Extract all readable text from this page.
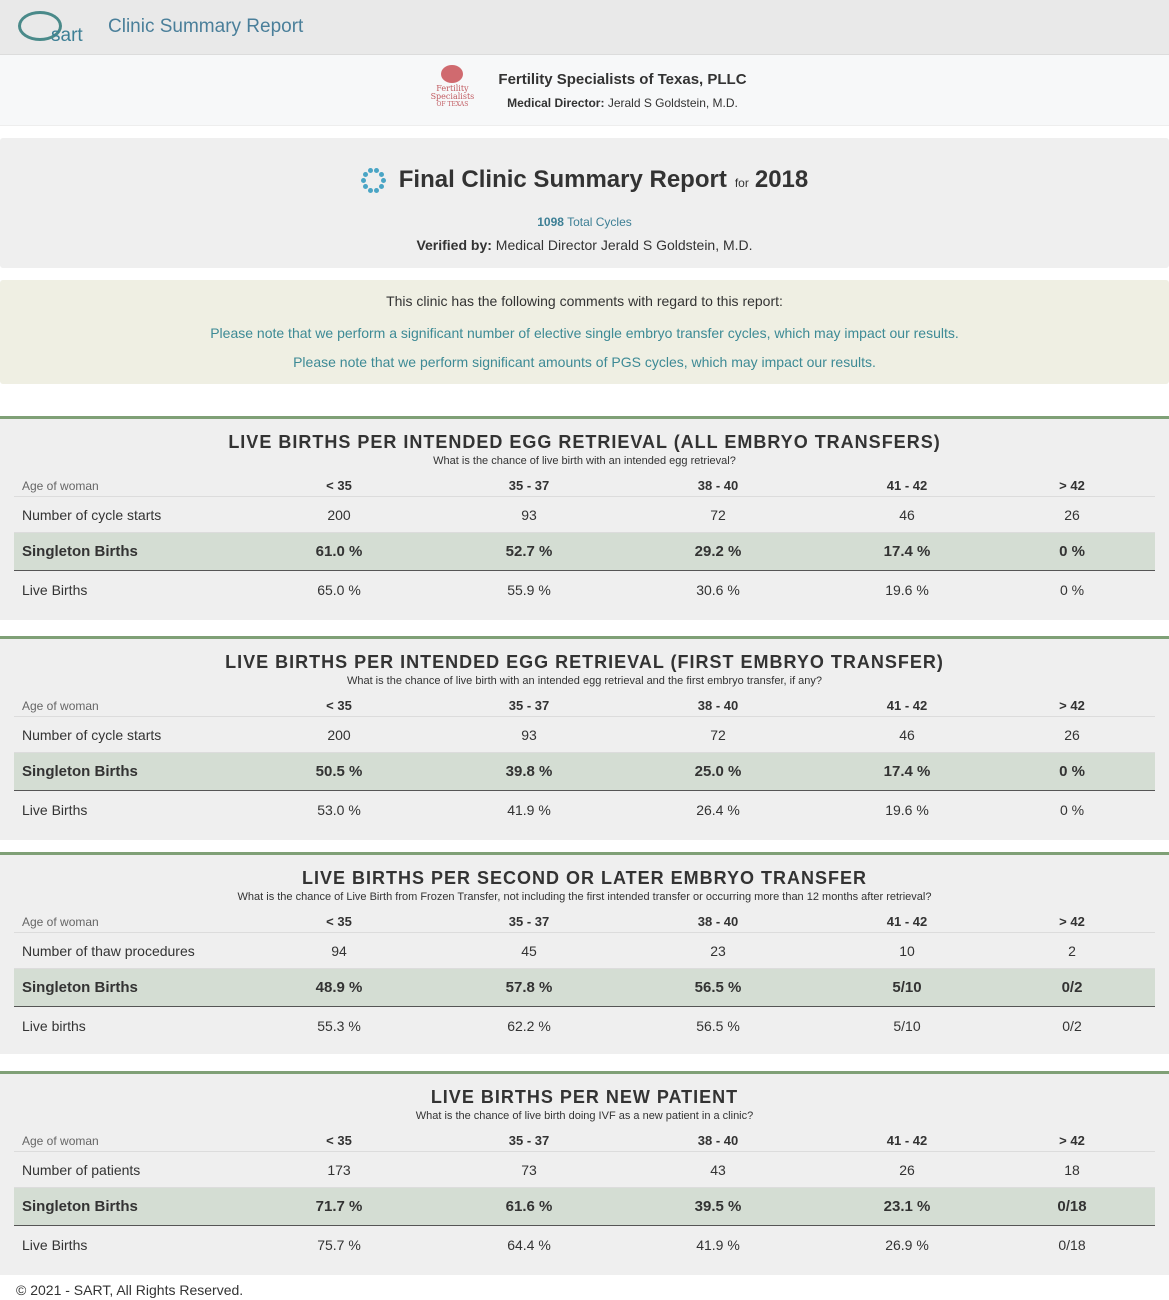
sart Clinic Summary Report
Fertility
Specialists
OF TEXAS
Fertility Specialists of Texas, PLLC
Medical Director: Jerald S Goldstein, M.D.
Final Clinic Summary Report for 2018
1098 Total Cycles
Verified by: Medical Director Jerald S Goldstein, M.D.
This clinic has the following comments with regard to this report:
Please note that we perform a significant number of elective single embryo transfer cycles, which may impact our results.
Please note that we perform significant amounts of PGS cycles, which may impact our results.
LIVE BIRTHS PER INTENDED EGG RETRIEVAL (ALL EMBRYO TRANSFERS)
What is the chance of live birth with an intended egg retrieval?
Age of woman	< 35	35 - 37	38 - 40	41 - 42	> 42
Number of cycle starts	200	93	72	46	26
Singleton Births	61.0 %	52.7 %	29.2 %	17.4 %	0 %
Live Births	65.0 %	55.9 %	30.6 %	19.6 %	0 %
LIVE BIRTHS PER INTENDED EGG RETRIEVAL (FIRST EMBRYO TRANSFER)
What is the chance of live birth with an intended egg retrieval and the first embryo transfer, if any?
Age of woman	< 35	35 - 37	38 - 40	41 - 42	> 42
Number of cycle starts	200	93	72	46	26
Singleton Births	50.5 %	39.8 %	25.0 %	17.4 %	0 %
Live Births	53.0 %	41.9 %	26.4 %	19.6 %	0 %
LIVE BIRTHS PER SECOND OR LATER EMBRYO TRANSFER
What is the chance of Live Birth from Frozen Transfer, not including the first intended transfer or occurring more than 12 months after retrieval?
Age of woman	< 35	35 - 37	38 - 40	41 - 42	> 42
Number of thaw procedures	94	45	23	10	2
Singleton Births	48.9 %	57.8 %	56.5 %	5/10	0/2
Live births	55.3 %	62.2 %	56.5 %	5/10	0/2
LIVE BIRTHS PER NEW PATIENT
What is the chance of live birth doing IVF as a new patient in a clinic?
Age of woman	< 35	35 - 37	38 - 40	41 - 42	> 42
Number of patients	173	73	43	26	18
Singleton Births	71.7 %	61.6 %	39.5 %	23.1 %	0/18
Live Births	75.7 %	64.4 %	41.9 %	26.9 %	0/18
© 2021 - SART, All Rights Reserved.
